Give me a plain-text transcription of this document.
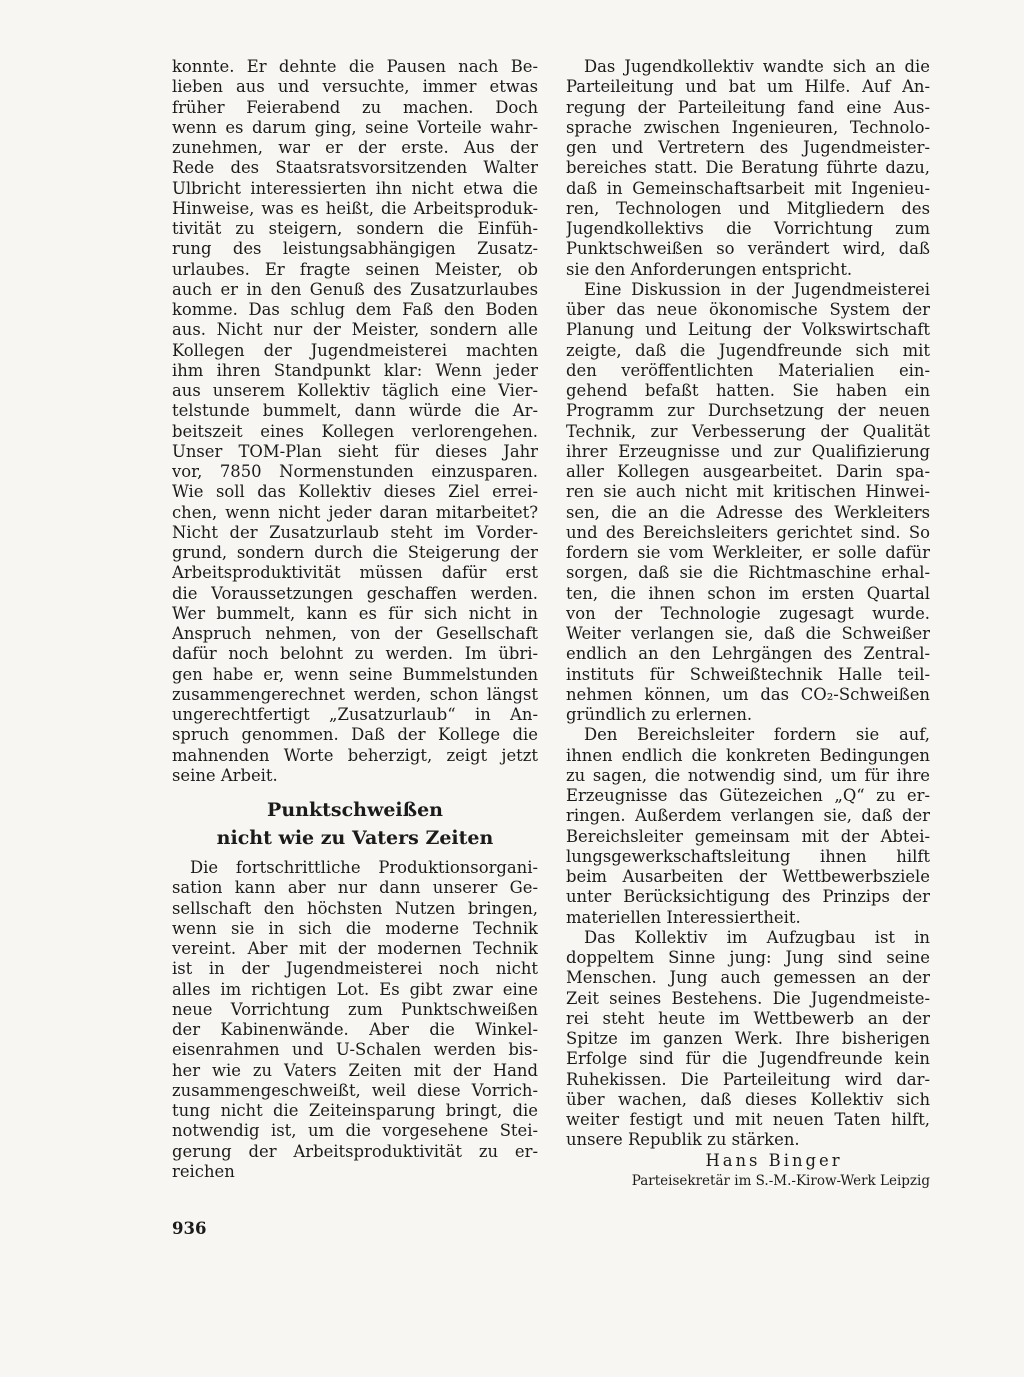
konnte. Er dehnte die Pausen nach Be-
lieben aus und versuchte, immer etwas
früher Feierabend zu machen. Doch
wenn es darum ging, seine Vorteile wahr-
zunehmen, war er der erste. Aus der
Rede des Staatsratsvorsitzenden Walter
Ulbricht interessierten ihn nicht etwa die
Hinweise, was es heißt, die Arbeitsproduk-
tivität zu steigern, sondern die Einfüh-
rung des leistungsabhängigen Zusatz-
urlaubes. Er fragte seinen Meister, ob
auch er in den Genuß des Zusatzurlaubes
komme. Das schlug dem Faß den Boden
aus. Nicht nur der Meister, sondern alle
Kollegen der Jugendmeisterei machten
ihm ihren Standpunkt klar: Wenn jeder
aus unserem Kollektiv täglich eine Vier-
telstunde bummelt, dann würde die Ar-
beitszeit eines Kollegen verlorengehen.
Unser TOM-Plan sieht für dieses Jahr
vor, 7850 Normenstunden einzusparen.
Wie soll das Kollektiv dieses Ziel errei-
chen, wenn nicht jeder daran mitarbeitet?
Nicht der Zusatzurlaub steht im Vorder-
grund, sondern durch die Steigerung der
Arbeitsproduktivität müssen dafür erst
die Voraussetzungen geschaffen werden.
Wer bummelt, kann es für sich nicht in
Anspruch nehmen, von der Gesellschaft
dafür noch belohnt zu werden. Im übri-
gen habe er, wenn seine Bummelstunden
zusammengerechnet werden, schon längst
ungerechtfertigt „Zusatzurlaub“ in An-
spruch genommen. Daß der Kollege die
mahnenden Worte beherzigt, zeigt jetzt
seine Arbeit.

Punktschweißen

nicht wie zu Vaters Zeiten

Die fortschrittliche Produktionsorgani-
sation kann aber nur dann unserer Ge-
sellschaft den höchsten Nutzen bringen,
wenn sie in sich die moderne Technik
vereint. Aber mit der modernen Technik
ist in der Jugendmeisterei noch nicht
alles im richtigen Lot. Es gibt zwar eine
neue Vorrichtung zum Punktschweißen
der Kabinenwände. Aber die Winkel-
eisenrahmen und U-Schalen werden bis-
her wie zu Vaters Zeiten mit der Hand
zusammengeschweißt, weil diese Vorrich-
tung nicht die Zeiteinsparung bringt, die
notwendig ist, um die vorgesehene Stei-
gerung der Arbeitsproduktivität zu er-
reichen
Das Jugendkollektiv wandte sich an die
Parteileitung und bat um Hilfe. Auf An-
regung der Parteileitung fand eine Aus-
sprache zwischen Ingenieuren, Technolo-
gen und Vertretern des Jugendmeister-
bereiches statt. Die Beratung führte dazu,
daß in Gemeinschaftsarbeit mit Ingenieu-
ren, Technologen und Mitgliedern des
Jugendkollektivs die Vorrichtung zum
Punktschweißen so verändert wird, daß
sie den Anforderungen entspricht.
Eine Diskussion in der Jugendmeisterei
über das neue ökonomische System der
Planung und Leitung der Volkswirtschaft
zeigte, daß die Jugendfreunde sich mit
den veröffentlichten Materialien ein-
gehend befaßt hatten. Sie haben ein
Programm zur Durchsetzung der neuen
Technik, zur Verbesserung der Qualität
ihrer Erzeugnisse und zur Qualifizierung
aller Kollegen ausgearbeitet. Darin spa-
ren sie auch nicht mit kritischen Hinwei-
sen, die an die Adresse des Werkleiters
und des Bereichsleiters gerichtet sind. So
fordern sie vom Werkleiter, er solle dafür
sorgen, daß sie die Richtmaschine erhal-
ten, die ihnen schon im ersten Quartal
von der Technologie zugesagt wurde.
Weiter verlangen sie, daß die Schweißer
endlich an den Lehrgängen des Zentral-
instituts für Schweißtechnik Halle teil-
nehmen können, um das CO₂-Schweißen
gründlich zu erlernen.
Den Bereichsleiter fordern sie auf,
ihnen endlich die konkreten Bedingungen
zu sagen, die notwendig sind, um für ihre
Erzeugnisse das Gütezeichen „Q“ zu er-
ringen. Außerdem verlangen sie, daß der
Bereichsleiter gemeinsam mit der Abtei-
lungsgewerkschaftsleitung ihnen hilft
beim Ausarbeiten der Wettbewerbsziele
unter Berücksichtigung des Prinzips der
materiellen Interessiertheit.
Das Kollektiv im Aufzugbau ist in
doppeltem Sinne jung: Jung sind seine
Menschen. Jung auch gemessen an der
Zeit seines Bestehens. Die Jugendmeiste-
rei steht heute im Wettbewerb an der
Spitze im ganzen Werk. Ihre bisherigen
Erfolge sind für die Jugendfreunde kein
Ruhekissen. Die Parteileitung wird dar-
über wachen, daß dieses Kollektiv sich
weiter festigt und mit neuen Taten hilft,
unsere Republik zu stärken.
Hans Binger
Parteisekretär im S.-M.-Kirow-Werk Leipzig
936
